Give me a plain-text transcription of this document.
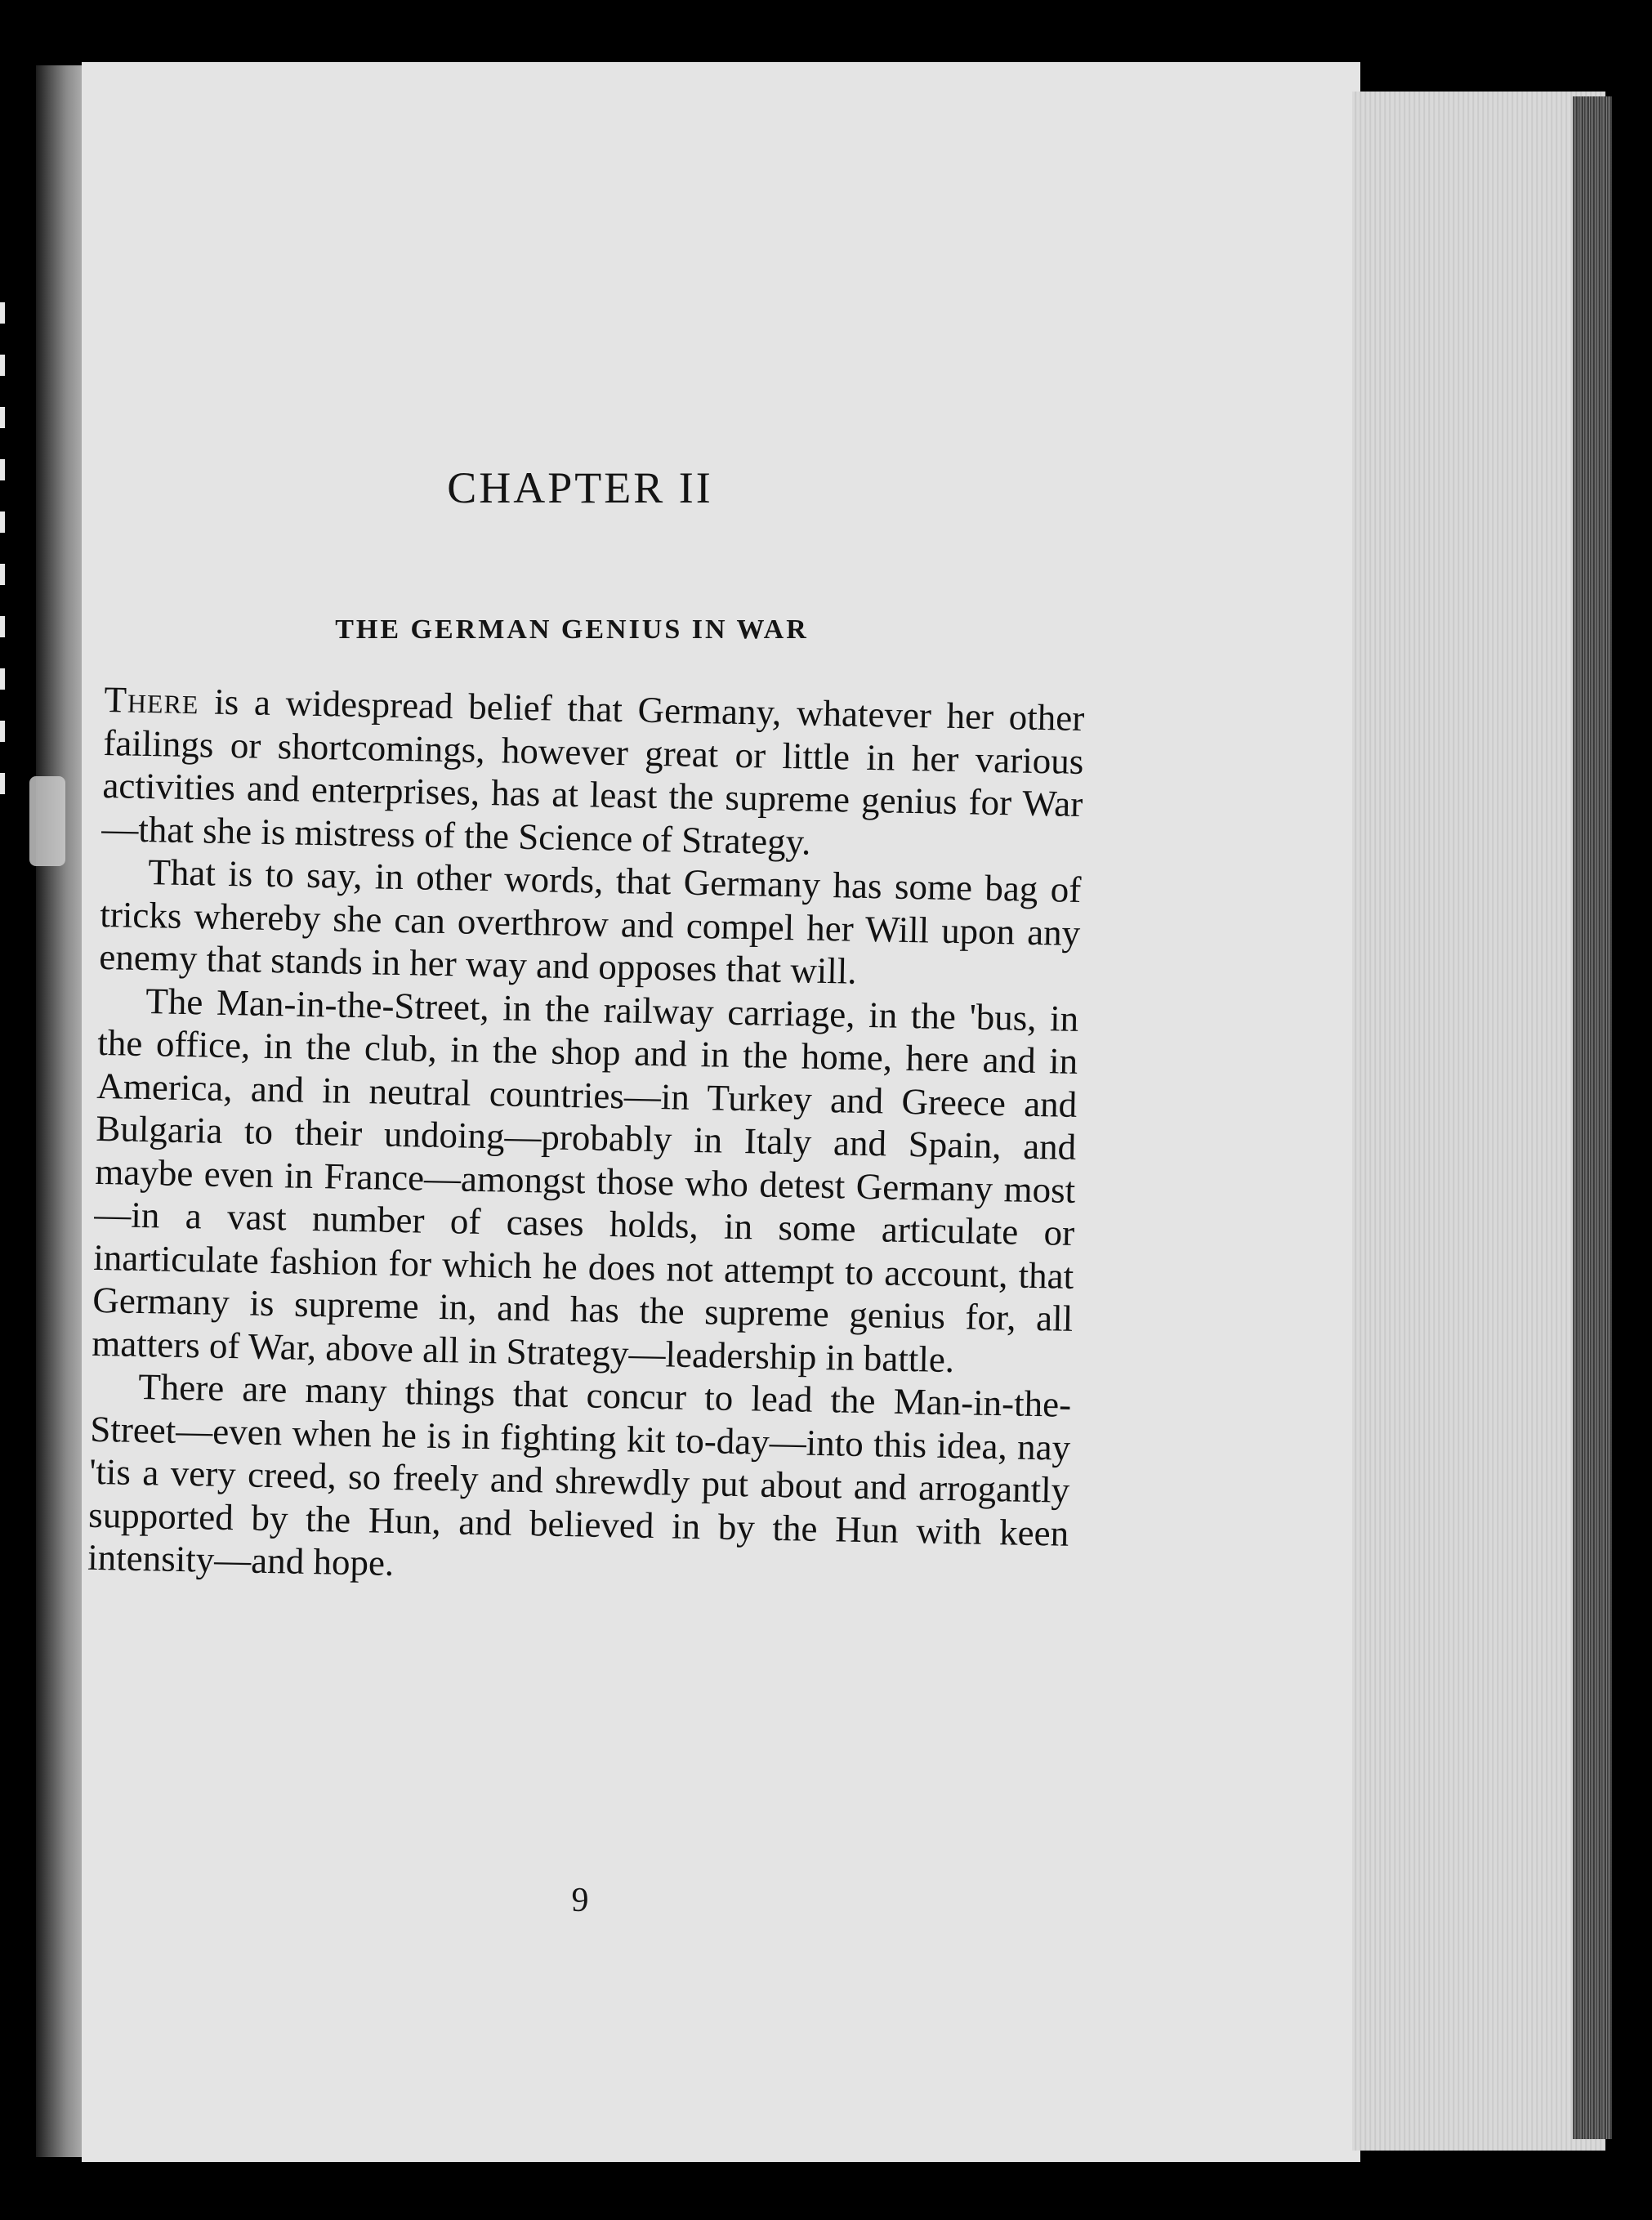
CHAPTER II
THE GERMAN GENIUS IN WAR

There is a widespread belief that Germany, whatever her other failings or shortcomings, however great or little in her various activities and enterprises, has at least the supreme genius for War—that she is mistress of the Science of Strategy.

That is to say, in other words, that Germany has some bag of tricks whereby she can overthrow and compel her Will upon any enemy that stands in her way and opposes that will.

The Man-in-the-Street, in the railway carriage, in the 'bus, in the office, in the club, in the shop and in the home, here and in America, and in neutral countries—in Turkey and Greece and Bulgaria to their undoing—probably in Italy and Spain, and maybe even in France—amongst those who detest Germany most—in a vast number of cases holds, in some articulate or inarticulate fashion for which he does not attempt to account, that Germany is supreme in, and has the supreme genius for, all matters of War, above all in Strategy—leadership in battle.

There are many things that concur to lead the Man-in-the-Street—even when he is in fighting kit to-day—into this idea, nay 'tis a very creed, so freely and shrewdly put about and arrogantly supported by the Hun, and believed in by the Hun with keen intensity—and hope.

9
